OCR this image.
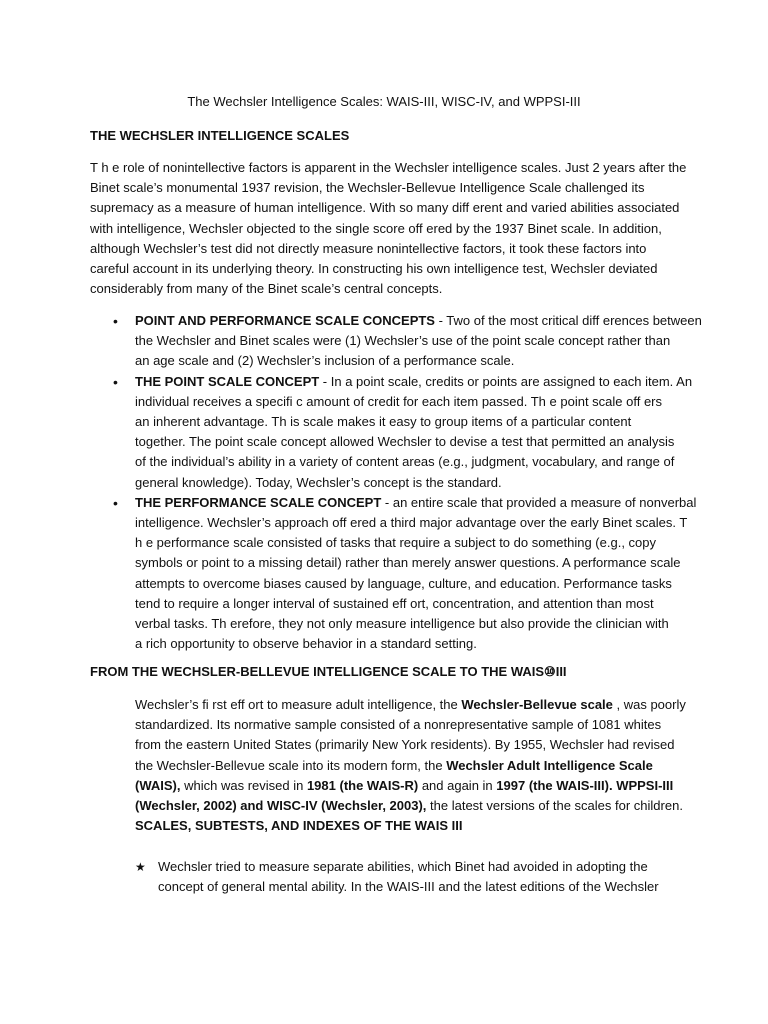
The Wechsler Intelligence Scales: WAIS-III, WISC-IV, and WPPSI-III
THE WECHSLER INTELLIGENCE SCALES
T h e role of nonintellective factors is apparent in the Wechsler intelligence scales. Just 2 years after the
Binet scale’s monumental 1937 revision, the Wechsler-Bellevue Intelligence Scale challenged its
supremacy as a measure of human intelligence. With so many diff erent and varied abilities associated
with intelligence, Wechsler objected to the single score off ered by the 1937 Binet scale. In addition,
although Wechsler’s test did not directly measure nonintellective factors, it took these factors into
careful account in its underlying theory. In constructing his own intelligence test, Wechsler deviated
considerably from many of the Binet scale’s central concepts.
• POINT AND PERFORMANCE SCALE CONCEPTS - Two of the most critical diff erences between
the Wechsler and Binet scales were (1) Wechsler’s use of the point scale concept rather than
an age scale and (2) Wechsler’s inclusion of a performance scale.
• THE POINT SCALE CONCEPT - In a point scale, credits or points are assigned to each item. An
individual receives a specifi c amount of credit for each item passed. Th e point scale off ers
an inherent advantage. Th is scale makes it easy to group items of a particular content
together. The point scale concept allowed Wechsler to devise a test that permitted an analysis
of the individual’s ability in a variety of content areas (e.g., judgment, vocabulary, and range of
general knowledge). Today, Wechsler’s concept is the standard.
• THE PERFORMANCE SCALE CONCEPT - an entire scale that provided a measure of nonverbal
intelligence. Wechsler’s approach off ered a third major advantage over the early Binet scales. T
h e performance scale consisted of tasks that require a subject to do something (e.g., copy
symbols or point to a missing detail) rather than merely answer questions. A performance scale
attempts to overcome biases caused by language, culture, and education. Performance tasks
tend to require a longer interval of sustained eff ort, concentration, and attention than most
verbal tasks. Th erefore, they not only measure intelligence but also provide the clinician with
a rich opportunity to observe behavior in a standard setting.
FROM THE WECHSLER-BELLEVUE INTELLIGENCE SCALE TO THE WAIS⑩III
Wechsler’s fi rst eff ort to measure adult intelligence, the Wechsler-Bellevue scale , was poorly
standardized. Its normative sample consisted of a nonrepresentative sample of 1081 whites
from the eastern United States (primarily New York residents). By 1955, Wechsler had revised
the Wechsler-Bellevue scale into its modern form, the Wechsler Adult Intelligence Scale
(WAIS), which was revised in 1981 (the WAIS-R) and again in 1997 (the WAIS-III). WPPSI-III
(Wechsler, 2002) and WISC-IV (Wechsler, 2003), the latest versions of the scales for children.
SCALES, SUBTESTS, AND INDEXES OF THE WAIS III
★ Wechsler tried to measure separate abilities, which Binet had avoided in adopting the
concept of general mental ability. In the WAIS-III and the latest editions of the Wechsler
